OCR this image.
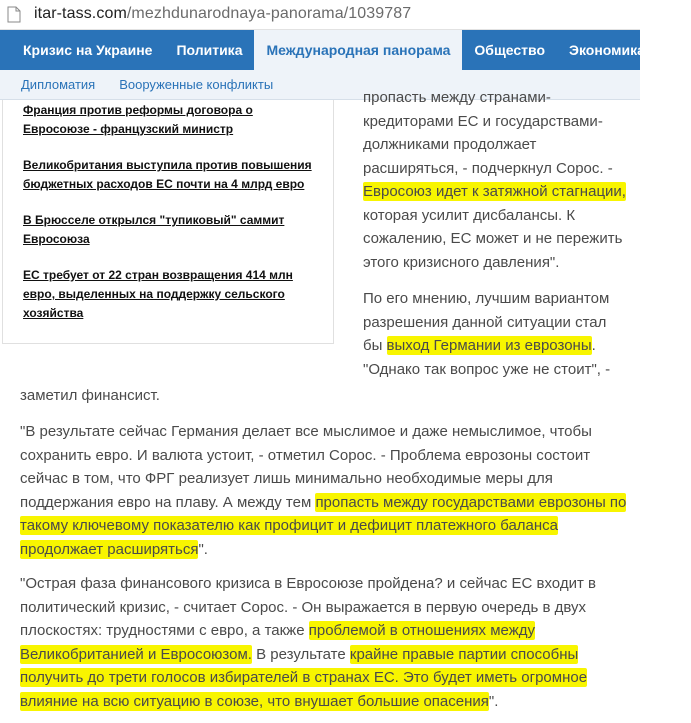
itar-tass.com/mezhdunarodnaya-panorama/1039787
Кризис на Украине	Политика	Международная панорама	Общество	Экономика и би
Дипломатия Вооруженные конфликты
Франция против реформы договора о
Евросоюзе - французский министр
Великобритания выступила против повышения
бюджетных расходов ЕС почти на 4 млрд евро
В Брюсселе открылся "тупиковый" саммит
Евросоюза
ЕС требует от 22 стран возвращения 414 млн
евро, выделенных на поддержку сельского
хозяйства
пропасть между странами-
кредиторами ЕС и государствами-
должниками продолжает
расширяться, - подчеркнул Сорос. -
Евросоюз идет к затяжной стагнации,
которая усилит дисбалансы. К
сожалению, ЕС может и не пережить
этого кризисного давления".
По его мнению, лучшим вариантом
разрешения данной ситуации стал
бы выход Германии из еврозоны.
"Однако так вопрос уже не стоит", -
заметил финансист.
"В результате сейчас Германия делает все мыслимое и даже немыслимое, чтобы
сохранить евро. И валюта устоит, - отметил Сорос. - Проблема еврозоны состоит
сейчас в том, что ФРГ реализует лишь минимально необходимые меры для
поддержания евро на плаву. А между тем пропасть между государствами еврозоны по
такому ключевому показателю как профицит и дефицит платежного баланса
продолжает расширяться".
"Острая фаза финансового кризиса в Евросоюзе пройдена? и сейчас ЕС входит в
политический кризис, - считает Сорос. - Он выражается в первую очередь в двух
плоскостях: трудностями с евро, а также проблемой в отношениях между
Великобританией и Евросоюзом. В результате крайне правые партии способны
получить до трети голосов избирателей в странах ЕС. Это будет иметь огромное
влияние на всю ситуацию в союзе, что внушает большие опасения".
